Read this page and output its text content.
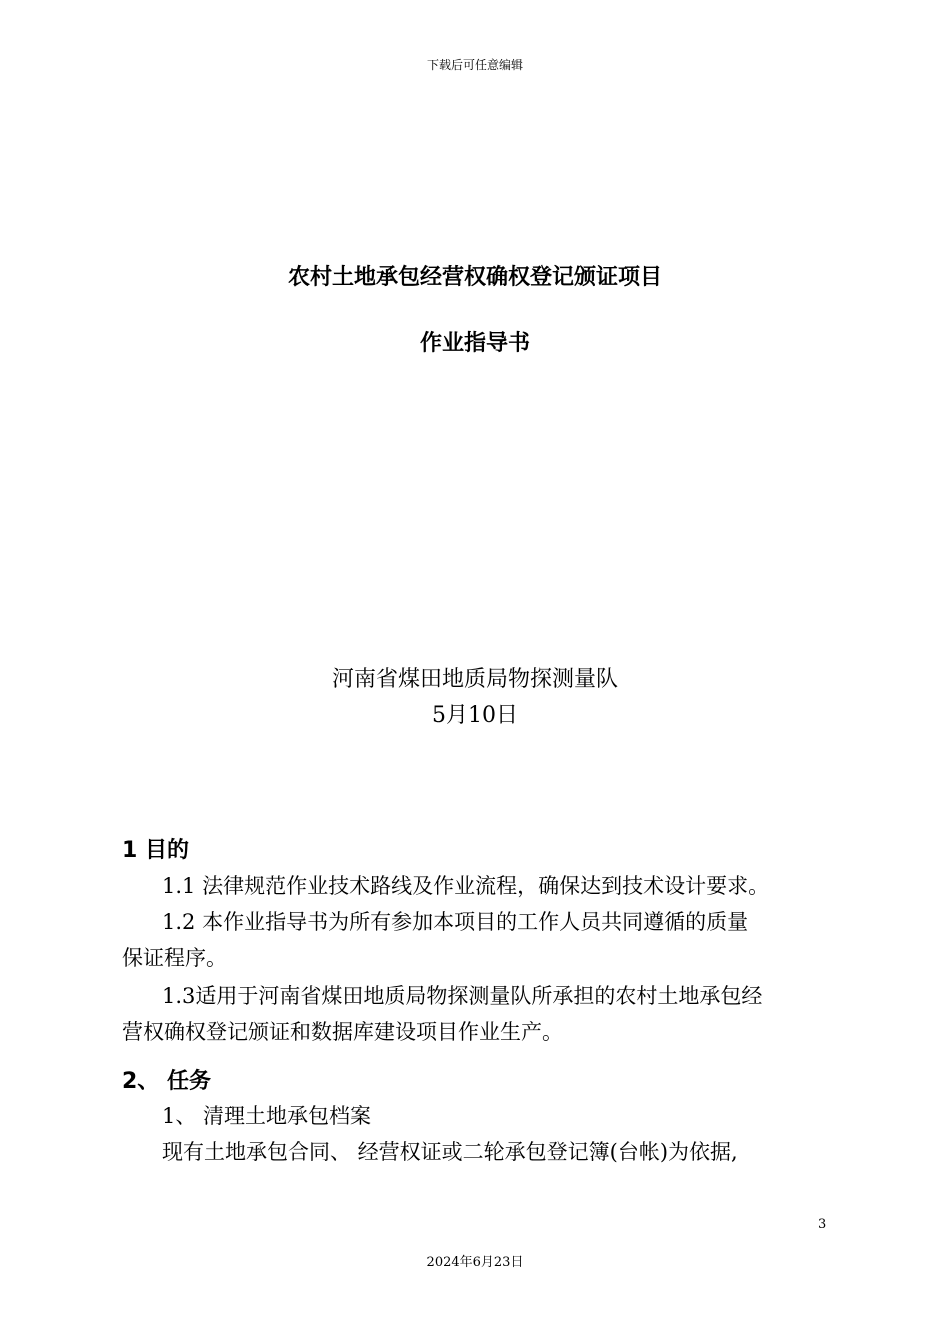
下载后可任意编辑
农村土地承包经营权确权登记颁证项目
作业指导书
河南省煤田地质局物探测量队
5月10日
1 目的
1.1 法律规范作业技术路线及作业流程，确保达到技术设计要求。
1.2 本作业指导书为所有参加本项目的工作人员共同遵循的质量
保证程序。
1.3适用于河南省煤田地质局物探测量队所承担的农村土地承包经
营权确权登记颁证和数据库建设项目作业生产。
2、 任务
1、 清理土地承包档案
现有土地承包合同、 经营权证或二轮承包登记簿(台帐)为依据,
3
2024年6月23日
